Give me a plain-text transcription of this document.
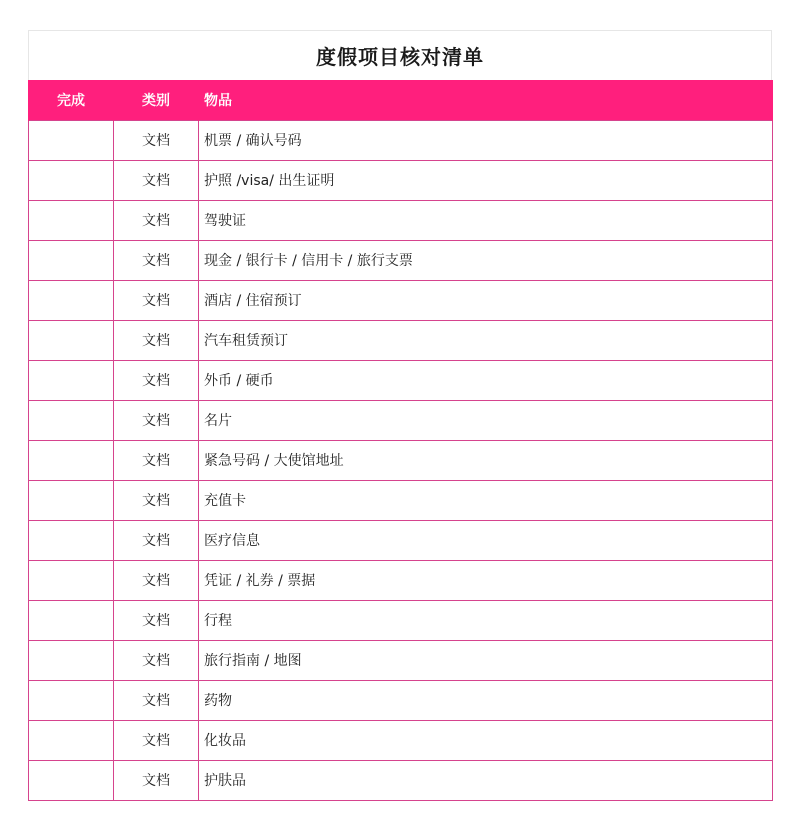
度假项目核对清单
完成	类别	物品
	文档	机票 / 确认号码
	文档	护照 /visa/ 出生证明
	文档	驾驶证
	文档	现金 / 银行卡 / 信用卡 / 旅行支票
	文档	酒店 / 住宿预订
	文档	汽车租赁预订
	文档	外币 / 硬币
	文档	名片
	文档	紧急号码 / 大使馆地址
	文档	充值卡
	文档	医疗信息
	文档	凭证 / 礼券 / 票据
	文档	行程
	文档	旅行指南 / 地图
	文档	药物
	文档	化妆品
	文档	护肤品
